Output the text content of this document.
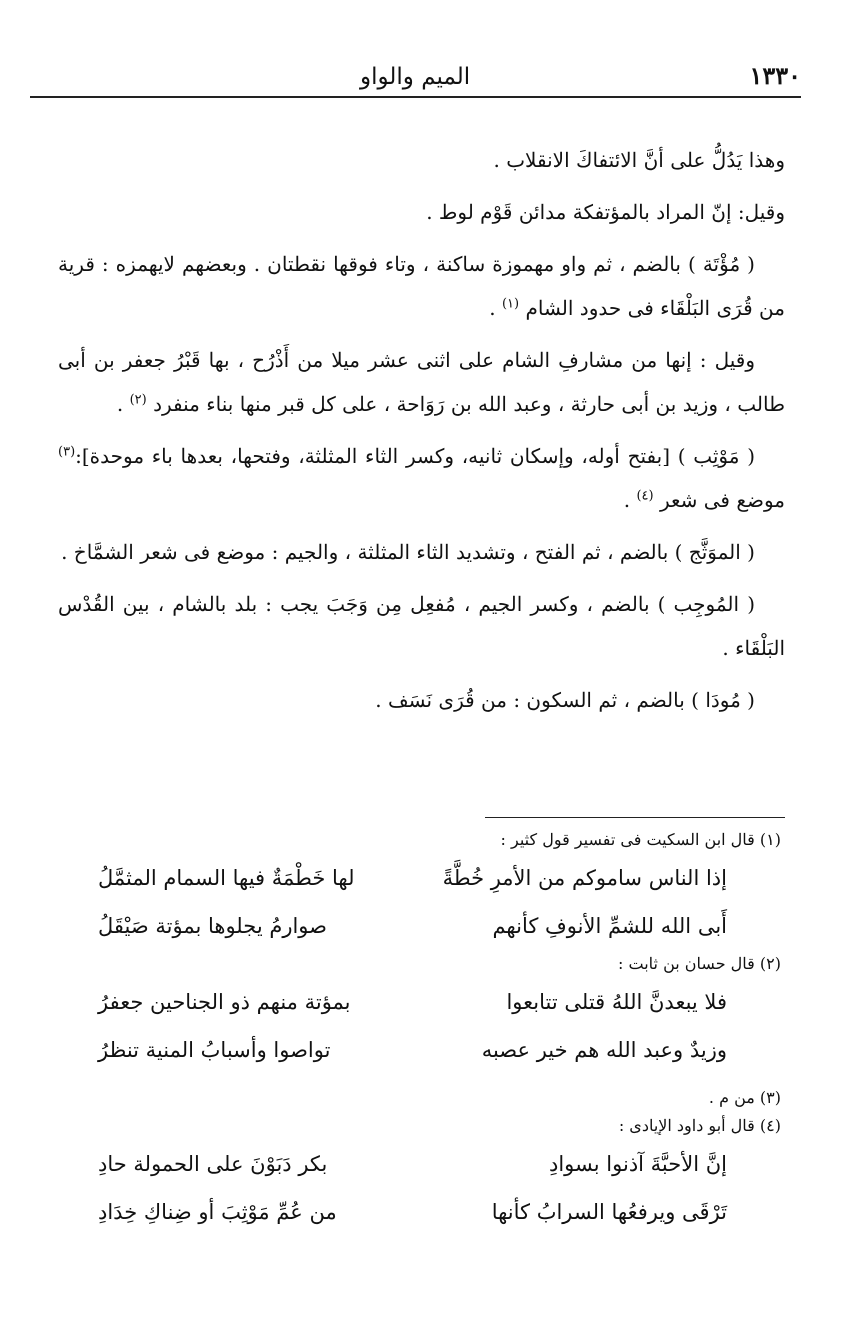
١٣٣٠
الميم والواو

وهذا يَدُلُّ على أنَّ الائتفاكَ الانقلاب .

وقيل: إنّ المراد بالمؤتفكة مدائن قَوْم لوط .

( مُؤْتَة ) بالضم ، ثم واو مهموزة ساكنة ، وتاء فوقها نقطتان . وبعضهم لايهمزه : قرية من قُرَى البَلْقَاء فى حدود الشام $^{(١)}$ .

وقيل : إنها من مشارفِ الشام على اثنى عشر ميلا من أَذْرُح ، بها قَبْرُ جعفر بن أبى طالب ، وزيد بن أبى حارثة ، وعبد الله بن رَوَاحة ، على كل قبر منها بناء منفرد $^{(٢)}$ .

( مَوْثِب ) [بفتح أوله، وإسكان ثانيه، وكسر الثاء المثلثة، وفتحها، بعدها باء موحدة]:$^{(٣)}$ موضع فى شعر $^{(٤)}$ .

( الموَثَّج ) بالضم ، ثم الفتح ، وتشديد الثاء المثلثة ، والجيم : موضع فى شعر الشمَّاخ .

( المُوجِب ) بالضم ، وكسر الجيم ، مُفعِل مِن وَجَبَ يجب : بلد بالشام ، بين القُدْس البَلْقَاء .

( مُودَا ) بالضم ، ثم السكون : من قُرَى نَسَف .

(١) قال ابن السكيت فى تفسير قول كثير :
إذا الناس ساموكم من الأمرِ خُطَّةً
لها خَطْمَةٌ فيها السمام المثمَّلُ
أَبى الله للشمِّ الأنوفِ كأنهم
صوارمُ يجلوها بمؤتة صَيْقَلُ
(٢) قال حسان بن ثابت :
فلا يبعدنَّ اللهُ قتلى تتابعوا
بمؤتة منهم ذو الجناحين جعفرُ
وزيدٌ وعبد الله هم خير عصبه
تواصوا وأسبابُ المنية تنظرُ
(٣) من م .
(٤) قال أبو داود الإيادى :
إنَّ الأحبَّةَ آذنوا بسوادِ
بكر دَبَوْنَ على الحمولة حادِ
تَرْقَى ويرفعُها السرابُ كأنها
من عُمِّ مَوْثِبَ أو ضِناكِ خِدَادِ
